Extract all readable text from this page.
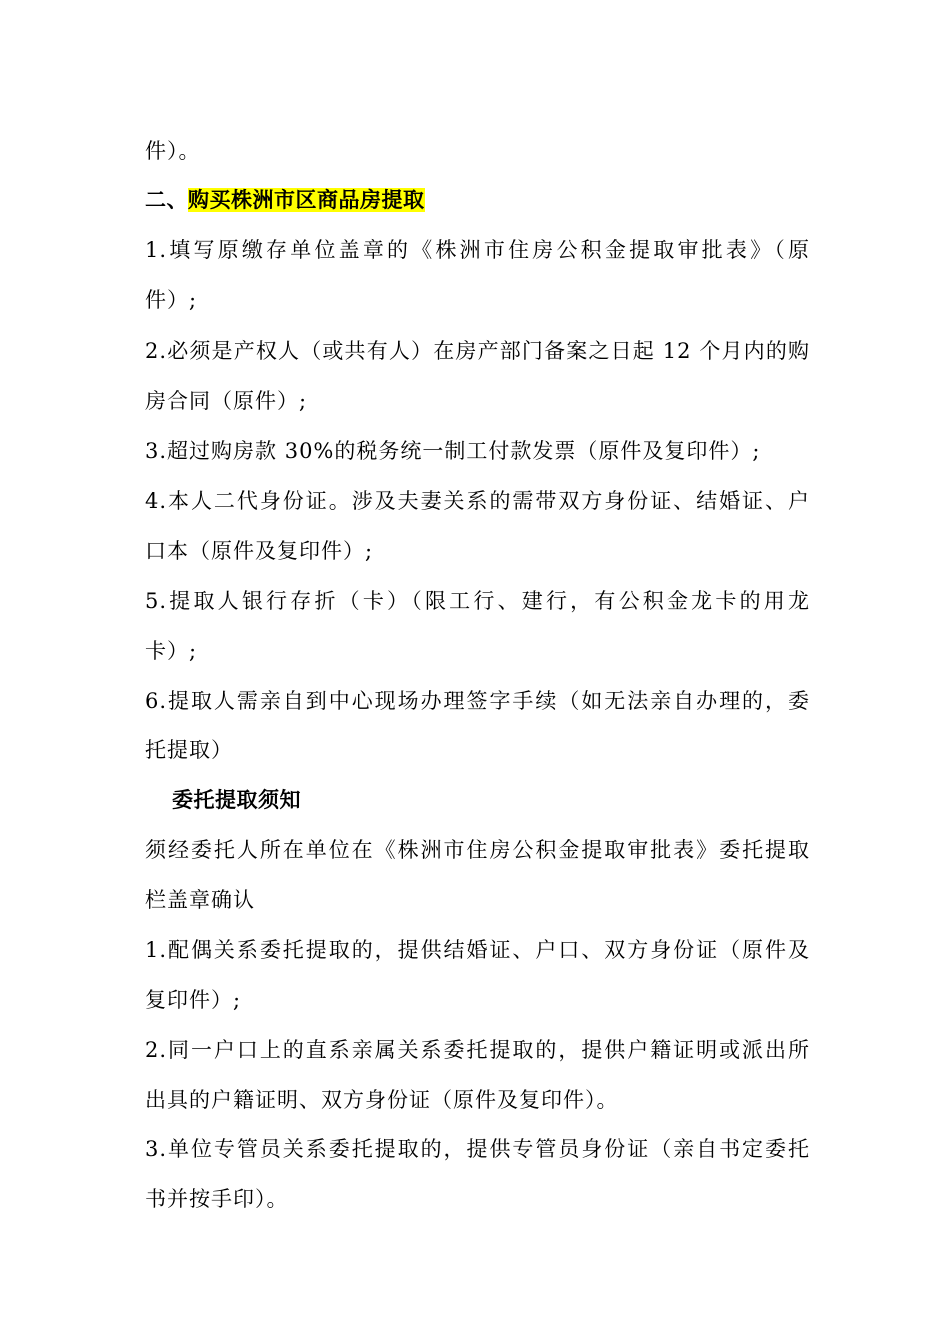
件）。
二、购买株洲市区商品房提取
1.填写原缴存单位盖章的《株洲市住房公积金提取审批表》（原
件）;
2.必须是产权人（或共有人）在房产部门备案之日起 12 个月内的购
房合同（原件）;
3.超过购房款 30%的税务统一制工付款发票（原件及复印件）;
4.本人二代身份证。涉及夫妻关系的需带双方身份证、结婚证、户
口本（原件及复印件）;
5.提取人银行存折（卡）（限工行、建行，有公积金龙卡的用龙
卡）;
6.提取人需亲自到中心现场办理签字手续（如无法亲自办理的，委
托提取）
委托提取须知
须经委托人所在单位在《株洲市住房公积金提取审批表》委托提取
栏盖章确认
1.配偶关系委托提取的，提供结婚证、户口、双方身份证（原件及
复印件）;
2.同一户口上的直系亲属关系委托提取的，提供户籍证明或派出所
出具的户籍证明、双方身份证（原件及复印件）。
3.单位专管员关系委托提取的，提供专管员身份证（亲自书定委托
书并按手印）。
